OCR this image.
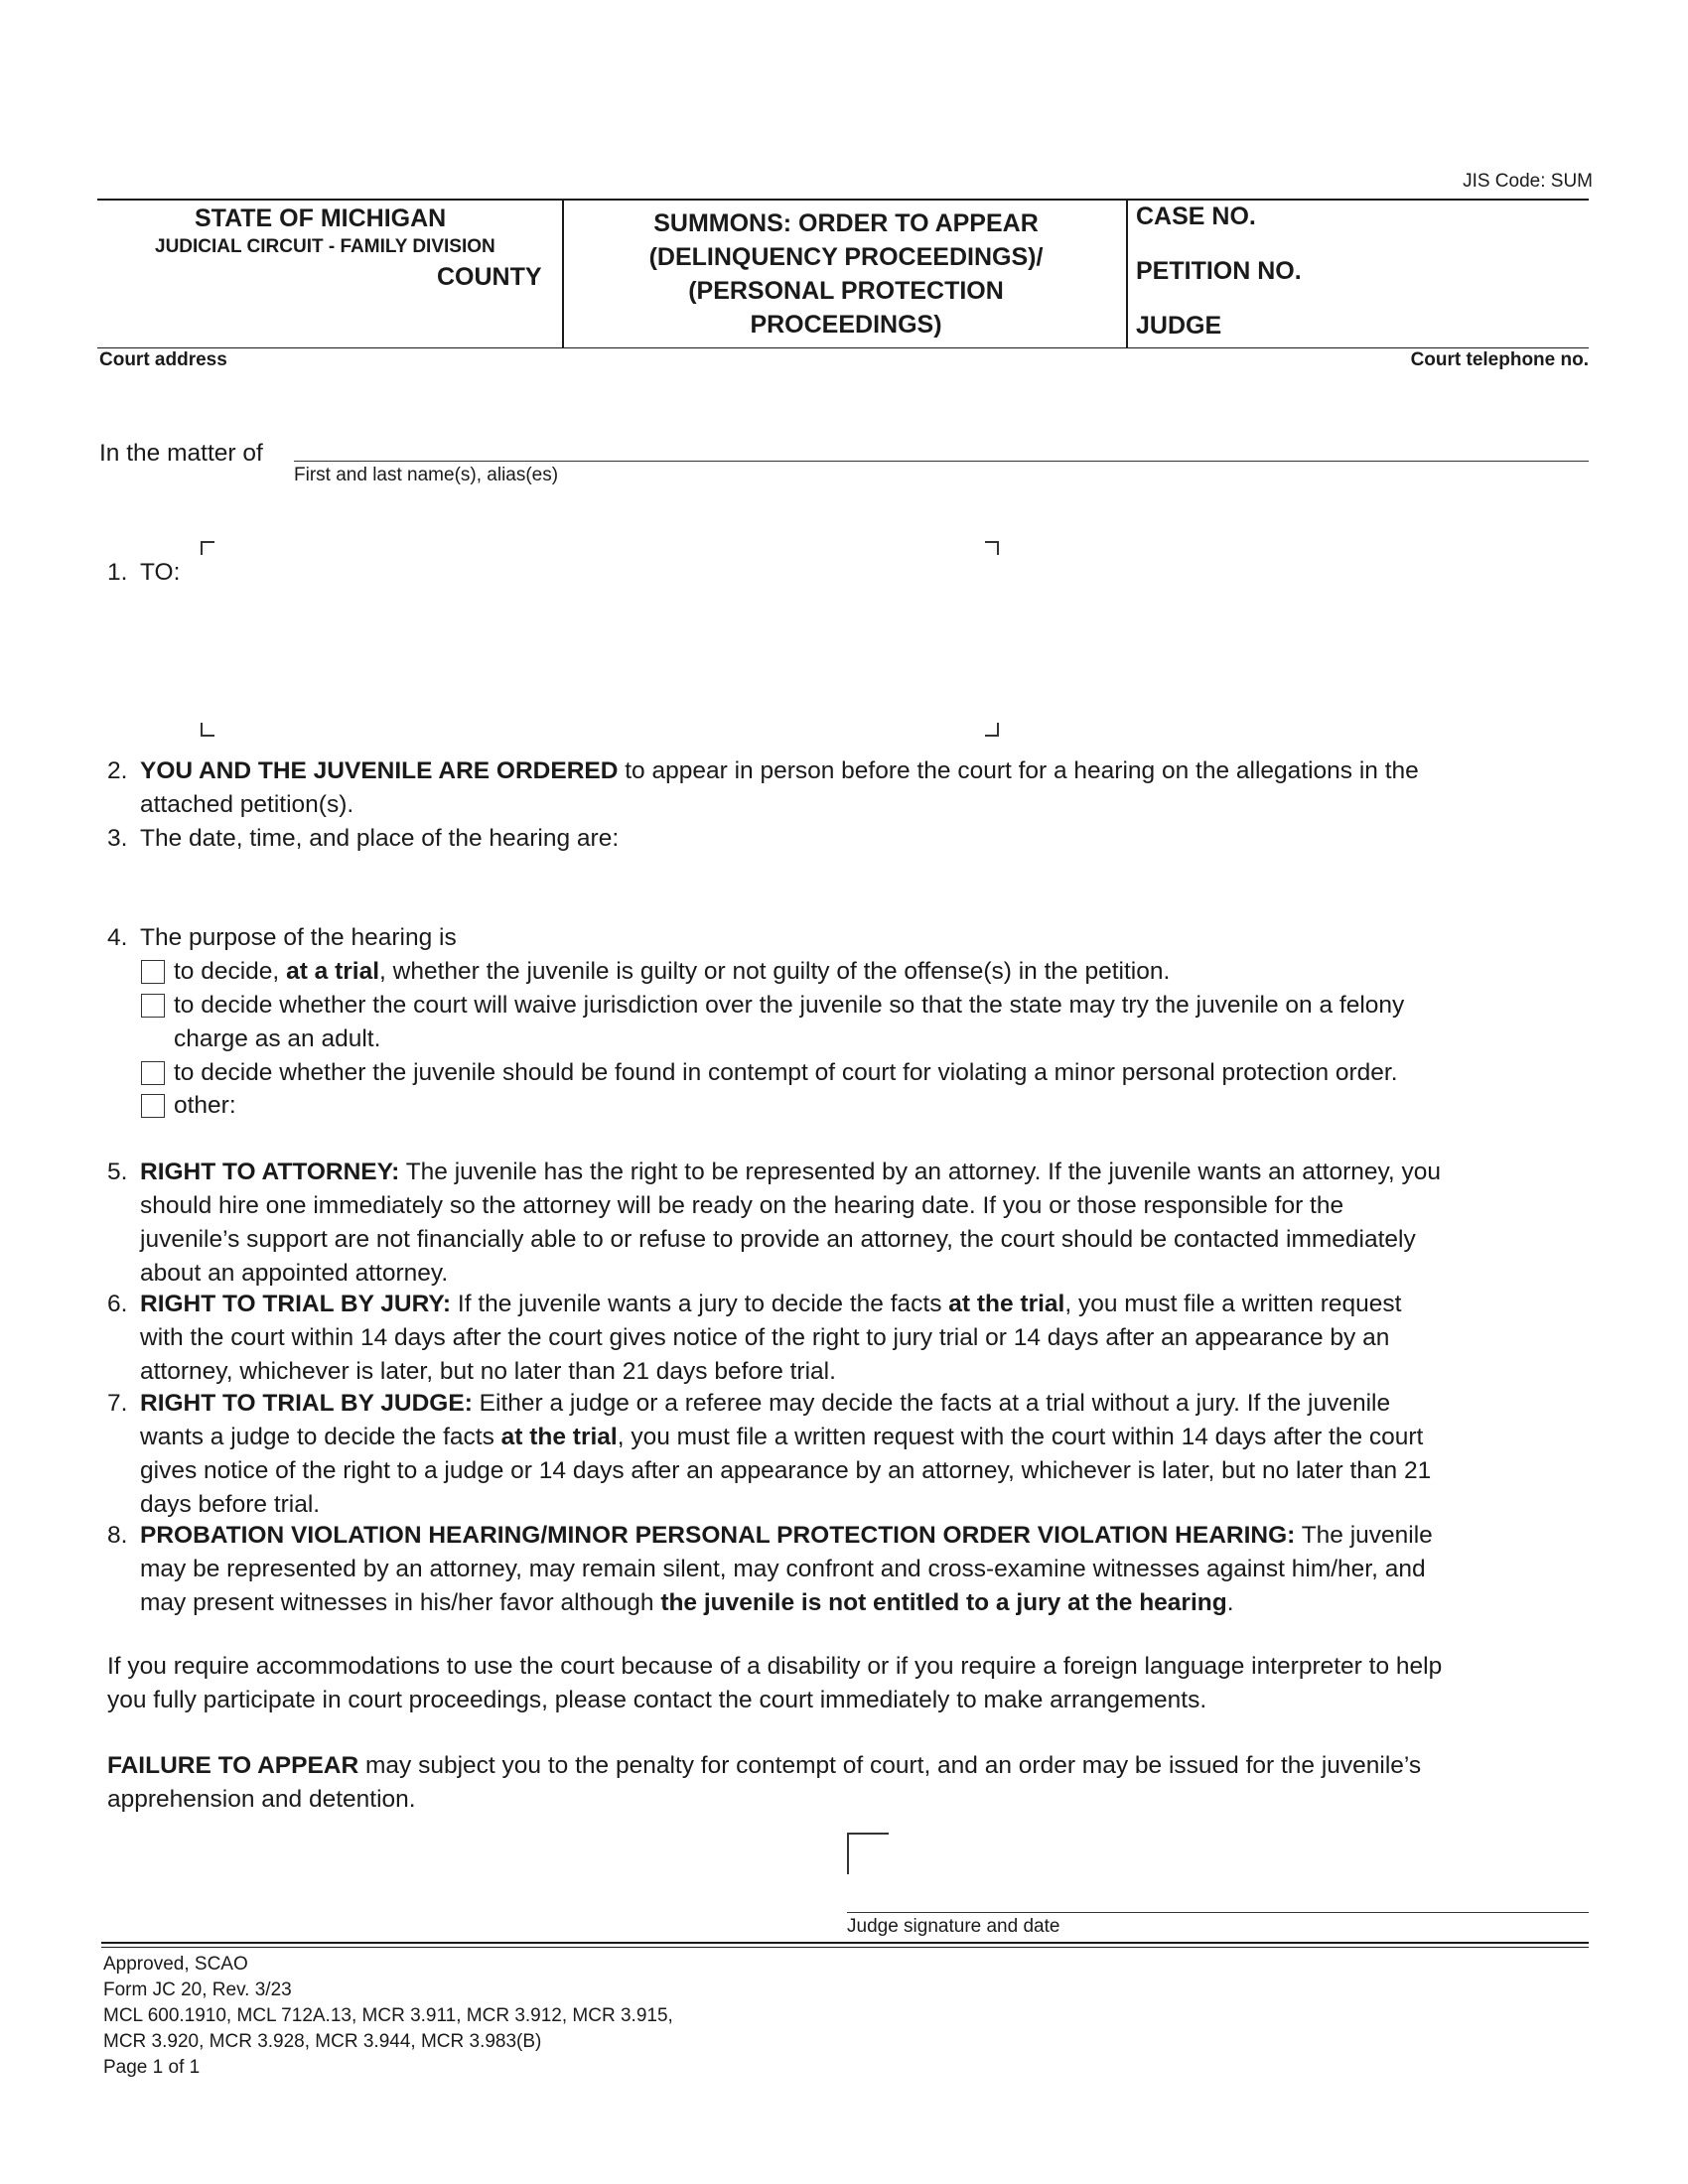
JIS Code: SUM
STATE OF MICHIGAN
JUDICIAL CIRCUIT - FAMILY DIVISION
COUNTY
SUMMONS: ORDER TO APPEAR
(DELINQUENCY PROCEEDINGS)/
(PERSONAL PROTECTION
PROCEEDINGS)
CASE NO.
PETITION NO.
JUDGE
Court address	Court telephone no.
In the matter of
First and last name(s), alias(es)
1. TO:
2. YOU AND THE JUVENILE ARE ORDERED to appear in person before the court for a hearing on the allegations in the
attached petition(s).
3. The date, time, and place of the hearing are:
4. The purpose of the hearing is
to decide, at a trial, whether the juvenile is guilty or not guilty of the offense(s) in the petition.
to decide whether the court will waive jurisdiction over the juvenile so that the state may try the juvenile on a felony
charge as an adult.
to decide whether the juvenile should be found in contempt of court for violating a minor personal protection order.
other:
5. RIGHT TO ATTORNEY: The juvenile has the right to be represented by an attorney. If the juvenile wants an attorney, you
should hire one immediately so the attorney will be ready on the hearing date. If you or those responsible for the
juvenile’s support are not financially able to or refuse to provide an attorney, the court should be contacted immediately
about an appointed attorney.
6. RIGHT TO TRIAL BY JURY: If the juvenile wants a jury to decide the facts at the trial, you must file a written request
with the court within 14 days after the court gives notice of the right to jury trial or 14 days after an appearance by an
attorney, whichever is later, but no later than 21 days before trial.
7. RIGHT TO TRIAL BY JUDGE: Either a judge or a referee may decide the facts at a trial without a jury. If the juvenile
wants a judge to decide the facts at the trial, you must file a written request with the court within 14 days after the court
gives notice of the right to a judge or 14 days after an appearance by an attorney, whichever is later, but no later than 21
days before trial.
8. PROBATION VIOLATION HEARING/MINOR PERSONAL PROTECTION ORDER VIOLATION HEARING: The juvenile
may be represented by an attorney, may remain silent, may confront and cross-examine witnesses against him/her, and
may present witnesses in his/her favor although the juvenile is not entitled to a jury at the hearing.
If you require accommodations to use the court because of a disability or if you require a foreign language interpreter to help
you fully participate in court proceedings, please contact the court immediately to make arrangements.
FAILURE TO APPEAR may subject you to the penalty for contempt of court, and an order may be issued for the juvenile’s
apprehension and detention.
Judge signature and date
Approved, SCAO
Form JC 20, Rev. 3/23
MCL 600.1910, MCL 712A.13, MCR 3.911, MCR 3.912, MCR 3.915,
MCR 3.920, MCR 3.928, MCR 3.944, MCR 3.983(B)
Page 1 of 1
